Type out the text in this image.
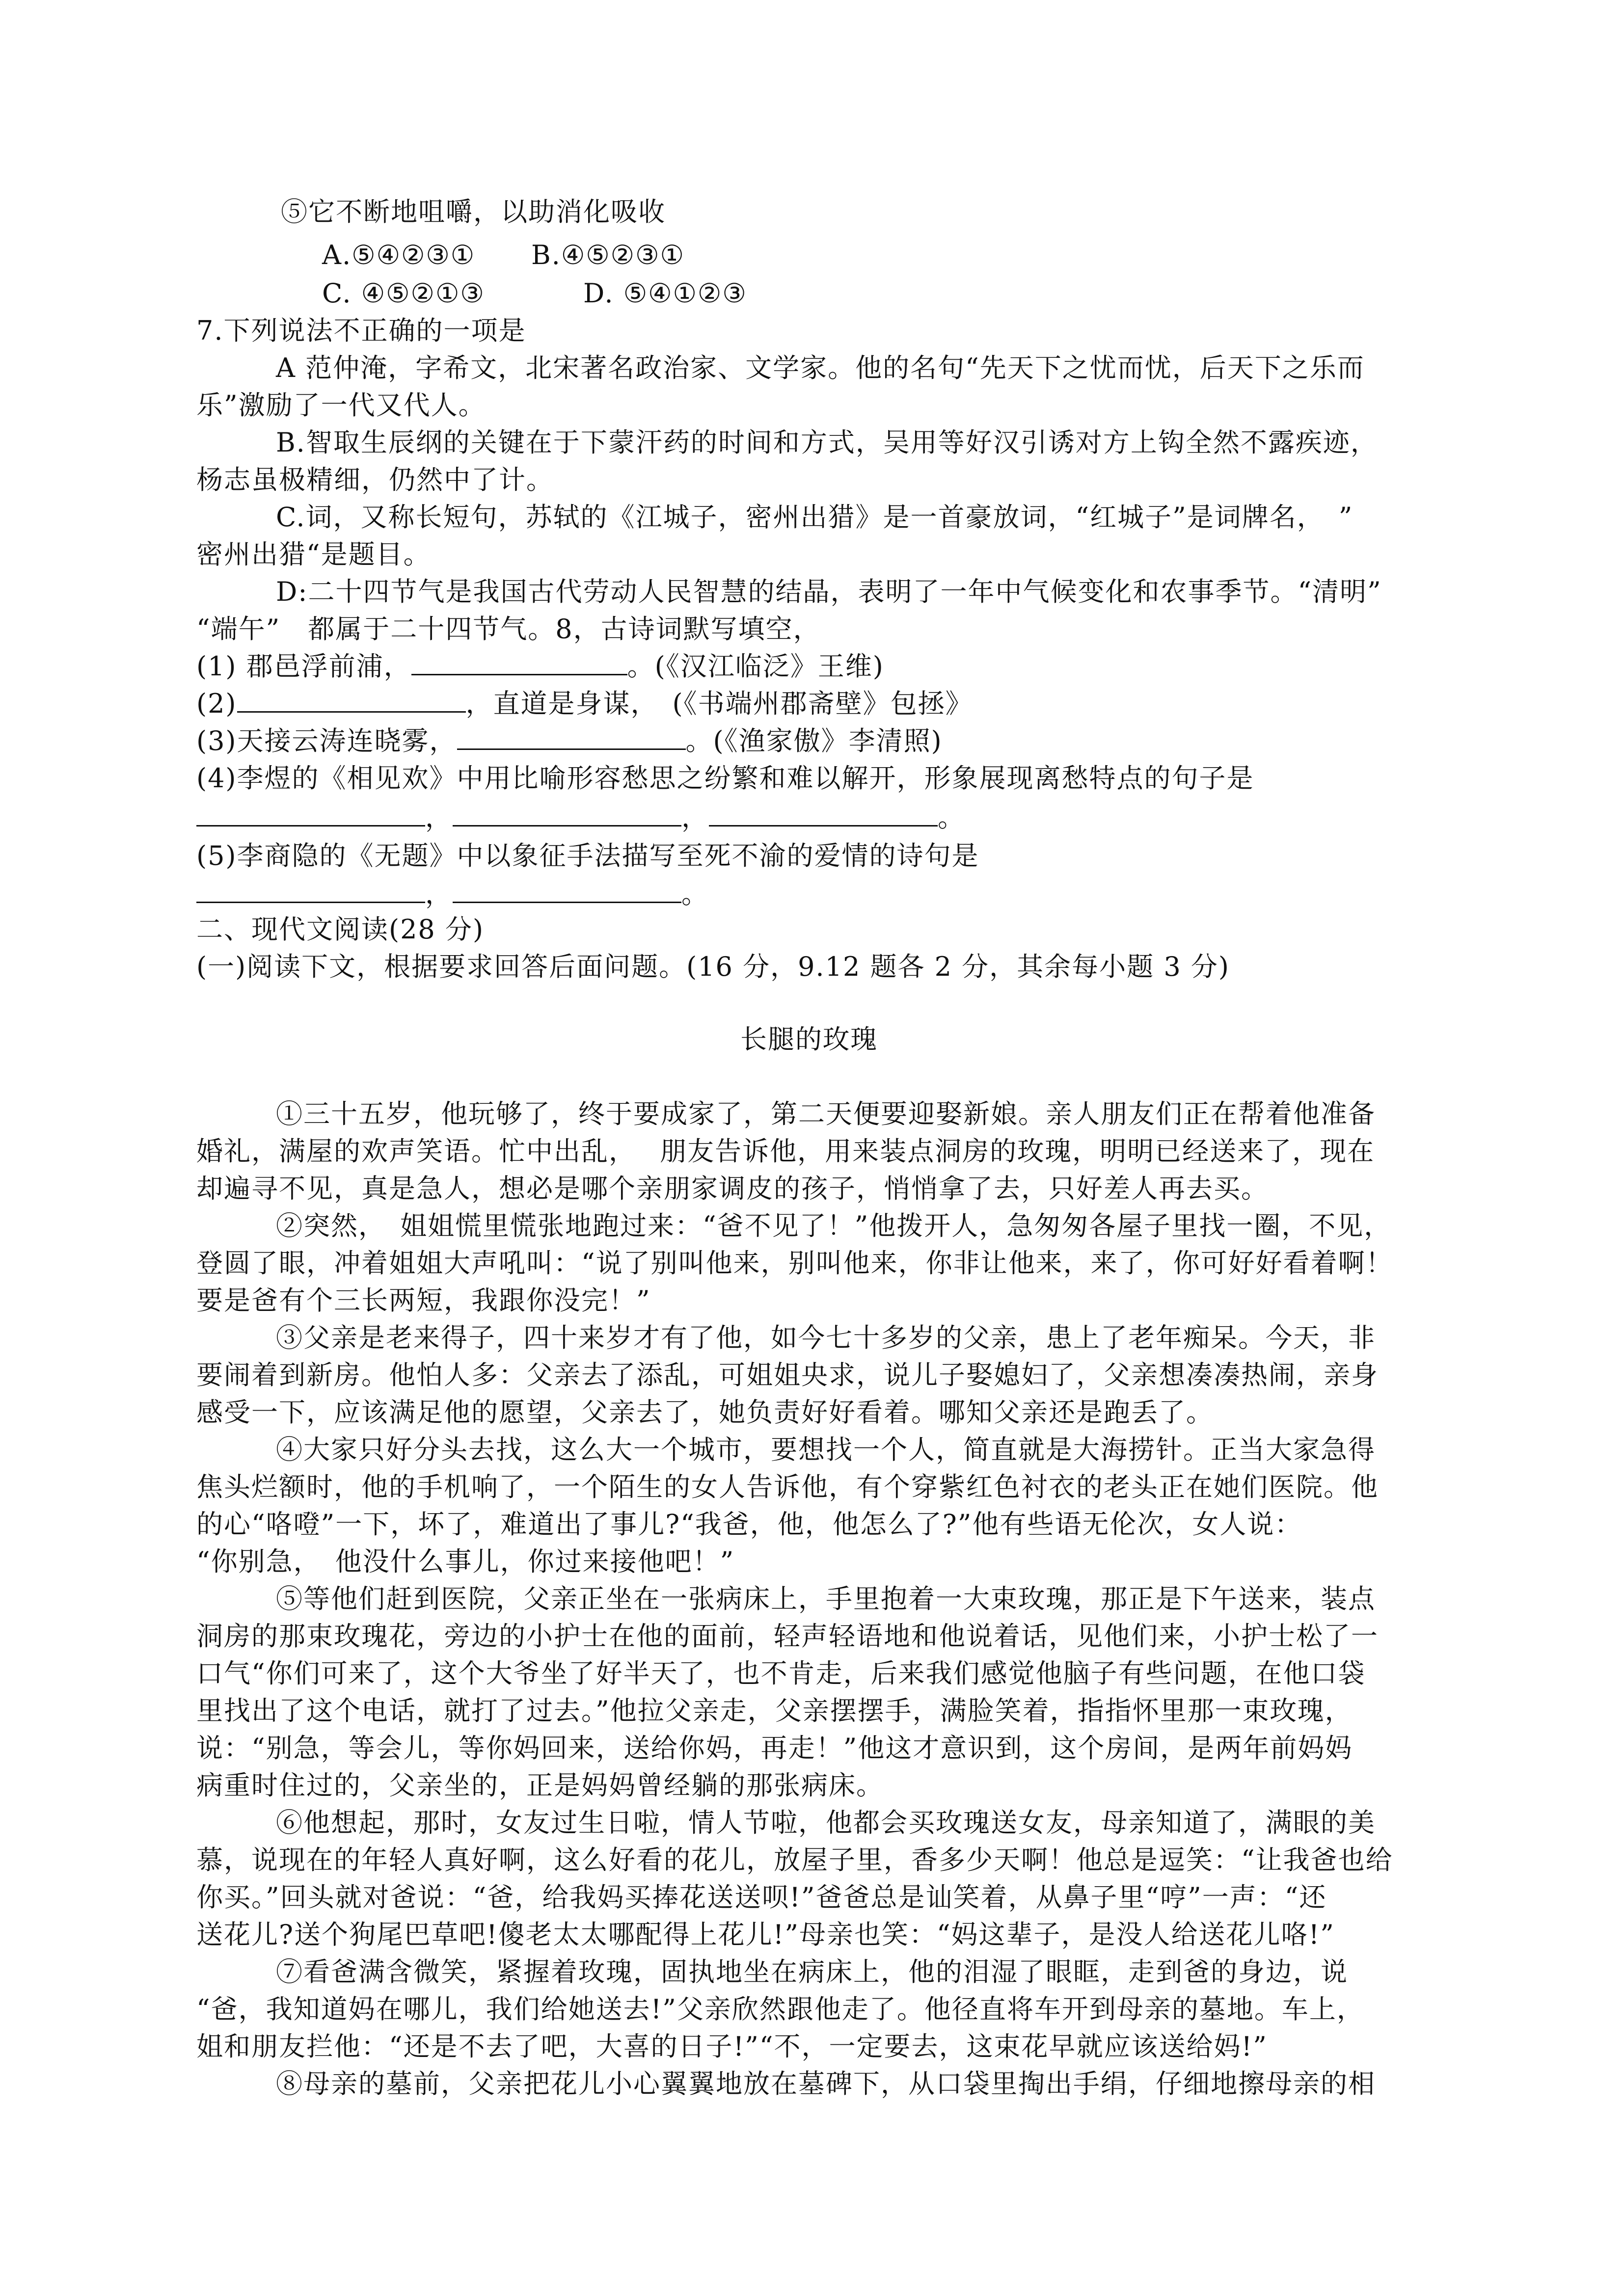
⑤它不断地咀嚼，以助消化吸收
A.⑤④②③① B.④⑤②③①
C. ④⑤②①③	D. ⑤④①②③
7.下列说法不正确的一项是
A 范仲淹，字希文，北宋著名政治家、文学家。他的名句“先天下之忧而忧，后天下之乐而
乐”激励了一代又代人。
B.智取生辰纲的关键在于下蒙汗药的时间和方式，吴用等好汉引诱对方上钩全然不露疾迹，
杨志虽极精细，仍然中了计。
C.词，又称长短句，苏轼的《江城子，密州出猎》是一首豪放词，“红城子”是词牌名，　”
密州出猎“是题目。
D:二十四节气是我国古代劳动人民智慧的结晶，表明了一年中气候变化和农事季节。“清明”
“端午”　都属于二十四节气。8，古诗词默写填空，
(1) 郡邑浮前浦，	。(《汉江临泛》王维)
(2)	，直道是身谋，　(《书端州郡斋壁》包拯》
(3)天接云涛连晓雾，	。(《渔家傲》李清照)
(4)李煜的《相见欢》中用比喻形容愁思之纷繁和难以解开，形象展现离愁特点的句子是
，	，	。
(5)李商隐的《无题》中以象征手法描写至死不渝的爱情的诗句是
，	。
二、现代文阅读(28 分)
(一)阅读下文，根据要求回答后面问题。(16 分，9.12 题各 2 分，其余每小题 3 分)
长腿的玫瑰
①三十五岁，他玩够了，终于要成家了，第二天便要迎娶新娘。亲人朋友们正在帮着他准备
婚礼，满屋的欢声笑语。忙中出乱，　 朋友告诉他，用来装点洞房的玫瑰，明明已经送来了，现在
却遍寻不见，真是急人，想必是哪个亲朋家调皮的孩子，悄悄拿了去，只好差人再去买。
②突然，　姐姐慌里慌张地跑过来：“爸不见了！”他拨开人，急匆匆各屋子里找一圈，不见，
登圆了眼，冲着姐姐大声吼叫：“说了别叫他来，别叫他来，你非让他来，来了，你可好好看着啊！
要是爸有个三长两短，我跟你没完！”
③父亲是老来得子，四十来岁才有了他，如今七十多岁的父亲，患上了老年痴呆。今天，非
要闹着到新房。他怕人多：父亲去了添乱，可姐姐央求，说儿子娶媳妇了，父亲想凑凑热闹，亲身
感受一下，应该满足他的愿望，父亲去了，她负责好好看着。哪知父亲还是跑丢了。
④大家只好分头去找，这么大一个城市，要想找一个人，简直就是大海捞针。正当大家急得
焦头烂额时，他的手机响了，一个陌生的女人告诉他，有个穿紫红色衬衣的老头正在她们医院。他
的心“咯噔”一下，坏了，难道出了事儿?“我爸，他，他怎么了?”他有些语无伦次，女人说：
“你别急，　他没什么事儿，你过来接他吧！”
⑤等他们赶到医院，父亲正坐在一张病床上，手里抱着一大束玫瑰，那正是下午送来，装点
洞房的那束玫瑰花，旁边的小护士在他的面前，轻声轻语地和他说着话，见他们来，小护士松了一
口气“你们可来了，这个大爷坐了好半天了，也不肯走，后来我们感觉他脑子有些问题，在他口袋
里找出了这个电话，就打了过去。”他拉父亲走，父亲摆摆手，满脸笑着，指指怀里那一束玫瑰，
说：“别急，等会儿，等你妈回来，送给你妈，再走！”他这才意识到，这个房间，是两年前妈妈
病重时住过的，父亲坐的，正是妈妈曾经躺的那张病床。
⑥他想起，那时，女友过生日啦，情人节啦，他都会买玫瑰送女友，母亲知道了，满眼的美
慕，说现在的年轻人真好啊，这么好看的花儿，放屋子里，香多少天啊！他总是逗笑：“让我爸也给
你买。”回头就对爸说：“爸，给我妈买捧花送送呗!”爸爸总是讪笑着，从鼻子里“哼”一声：“还
送花儿?送个狗尾巴草吧!傻老太太哪配得上花儿!”母亲也笑：“妈这辈子，是没人给送花儿咯!”
⑦看爸满含微笑，紧握着玫瑰，固执地坐在病床上，他的泪湿了眼眶，走到爸的身边，说
“爸，我知道妈在哪儿，我们给她送去!”父亲欣然跟他走了。他径直将车开到母亲的墓地。车上，
姐和朋友拦他：“还是不去了吧，大喜的日子!”“不，一定要去，这束花早就应该送给妈!”
⑧母亲的墓前，父亲把花儿小心翼翼地放在墓碑下，从口袋里掏出手绢，仔细地擦母亲的相
